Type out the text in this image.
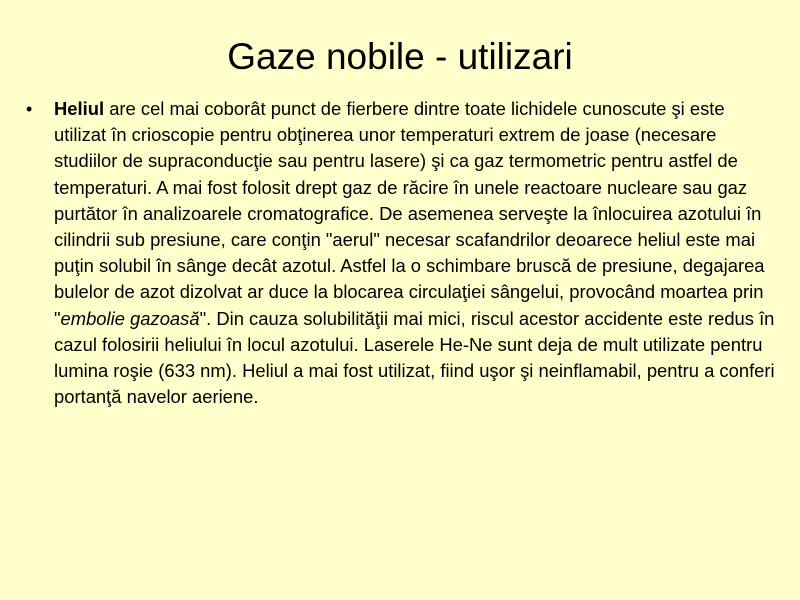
Gaze nobile - utilizari
• Heliul are cel mai coborât punct de fierbere dintre toate lichidele cunoscute şi este utilizat în crioscopie pentru obţinerea unor temperaturi extrem de joase (necesare studiilor de supraconducţie sau pentru lasere) şi ca gaz termometric pentru astfel de temperaturi. A mai fost folosit drept gaz de răcire în unele reactoare nucleare sau gaz purtător în analizoarele cromatografice. De asemenea serveşte la înlocuirea azotului în cilindrii sub presiune, care conţin "aerul" necesar scafandrilor deoarece heliul este mai puţin solubil în sânge decât azotul. Astfel la o schimbare bruscă de presiune, degajarea bulelor de azot dizolvat ar duce la blocarea circulaţiei sângelui, provocând moartea prin "embolie gazoasă". Din cauza solubilităţii mai mici, riscul acestor accidente este redus în cazul folosirii heliului în locul azotului. Laserele He-Ne sunt deja de mult utilizate pentru lumina roşie (633 nm). Heliul a mai fost utilizat, fiind uşor şi neinflamabil, pentru a conferi portanţă navelor aeriene.
